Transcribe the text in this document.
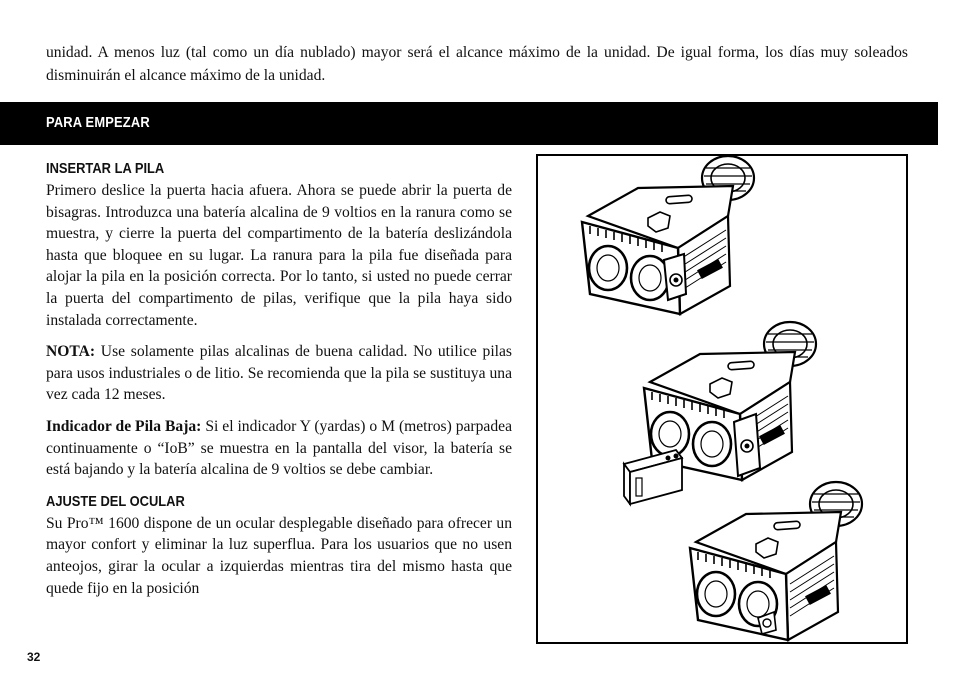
unidad. A menos luz (tal como un día nublado) mayor será el alcance máximo de la unidad. De igual forma, los días muy soleados disminuirán el alcance máximo de la unidad.
PARA EMPEZAR
INSERTAR LA PILA

Primero deslice la puerta hacia afuera. Ahora se puede abrir la puerta de bisagras. Introduzca una batería alcalina de 9 voltios en la ranura como se muestra, y cierre la puerta del compartimento de la batería deslizándola hasta que bloquee en su lugar. La ranura para la pila fue diseñada para alojar la pila en la posición correcta. Por lo tanto, si usted no puede cerrar la puerta del compartimento de pilas, verifique que la pila haya sido instalada correctamente.

NOTA: Use solamente pilas alcalinas de buena calidad. No utilice pilas para usos industriales o de litio. Se recomienda que la pila se sustituya una vez cada 12 meses.

Indicador de Pila Baja: Si el indicador Y (yardas) o M (metros) parpadea continuamente o “IoB” se muestra en la pantalla del visor, la batería se está bajando y la batería alcalina de 9 voltios se debe cambiar.

AJUSTE DEL OCULAR

Su Pro™ 1600 dispone de un ocular desplegable diseñado para ofrecer un mayor confort y eliminar la luz superflua. Para los usuarios que no usen anteojos, girar la ocular a izquierdas mientras tira del mismo hasta que quede fijo en la posición

32
